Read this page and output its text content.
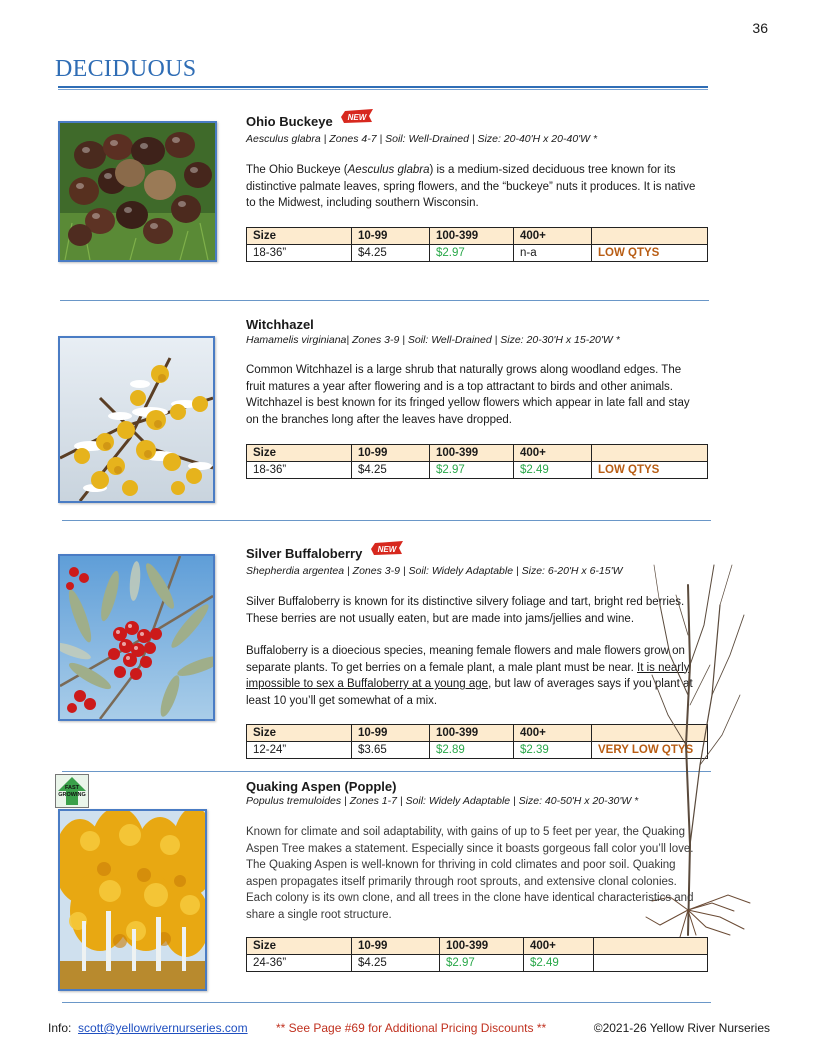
36
DECIDUOUS
Ohio Buckeye NEW
Aesculus glabra | Zones 4-7 | Soil: Well-Drained | Size: 20-40'H x 20-40'W *

The Ohio Buckeye (Aesculus glabra) is a medium-sized deciduous tree known for its distinctive palmate leaves, spring flowers, and the “buckeye” nuts it produces. It is native to the Midwest, including southern Wisconsin.

Size	10-99	100-399	400+	
18-36”	$4.25	$2.97	n-a	LOW QTYS
Witchhazel
Hamamelis virginiana| Zones 3-9 | Soil: Well-Drained | Size: 20-30'H x 15-20'W *

Common Witchhazel is a large shrub that naturally grows along woodland edges. The fruit matures a year after flowering and is a top attractant to birds and other animals. Witchhazel is best known for its fringed yellow flowers which appear in late fall and stay on the branches long after the leaves have dropped.

Size	10-99	100-399	400+	
18-36”	$4.25	$2.97	$2.49	LOW QTYS
Silver Buffaloberry NEW
Shepherdia argentea | Zones 3-9 | Soil: Widely Adaptable | Size: 6-20'H x 6-15'W

Silver Buffaloberry is known for its distinctive silvery foliage and tart, bright red berries. These berries are not usually eaten, but are made into jams/jellies and wine.

Buffaloberry is a dioecious species, meaning female flowers and male flowers grow on separate plants. To get berries on a female plant, a male plant must be near. It is nearly impossible to sex a Buffaloberry at a young age, but law of averages says if you plant at least 10 you’ll get somewhat of a mix.

Size	10-99	100-399	400+	
12-24”	$3.65	$2.89	$2.39	VERY LOW QTYS
FAST
GROWING
Quaking Aspen (Popple)
Populus tremuloides | Zones 1-7 | Soil: Widely Adaptable | Size: 40-50'H x 20-30'W *

Known for climate and soil adaptability, with gains of up to 5 feet per year, the Quaking Aspen Tree makes a statement. Especially since it boasts gorgeous fall color you’ll love. The Quaking Aspen is well-known for thriving in cold climates and poor soil. Quaking aspen propagates itself primarily through root sprouts, and extensive clonal colonies. Each colony is its own clone, and all trees in the clone have identical characteristics and share a single root structure.

Size	10-99	100-399	400+	
24-36”	$4.25	$2.97	$2.49	
Info:  scott@yellowrivernurseries.com ** See Page #69 for Additional Pricing Discounts **	©2021-26 Yellow River Nurseries
